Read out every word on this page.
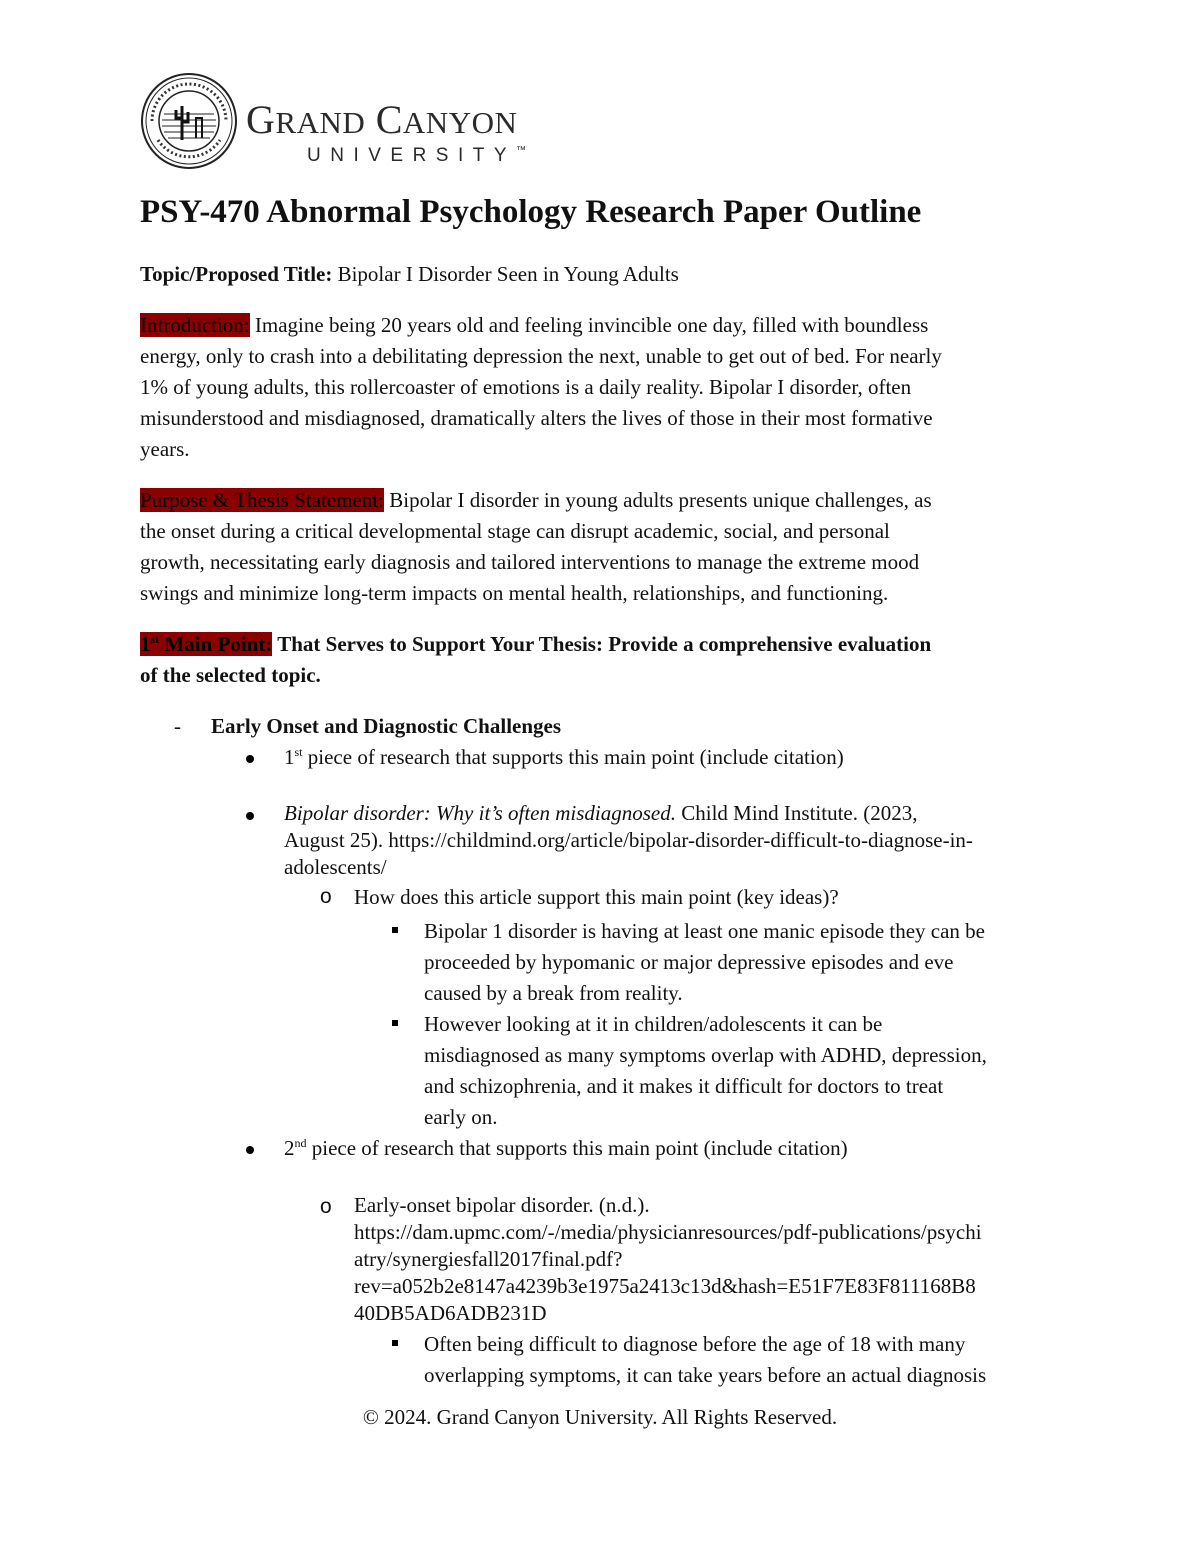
GRAND CANYON
UNIVERSITY™
PSY-470 Abnormal Psychology Research Paper Outline
Topic/Proposed Title: Bipolar I Disorder Seen in Young Adults
Introduction: Imagine being 20 years old and feeling invincible one day, filled with boundless
energy, only to crash into a debilitating depression the next, unable to get out of bed. For nearly
1% of young adults, this rollercoaster of emotions is a daily reality. Bipolar I disorder, often
misunderstood and misdiagnosed, dramatically alters the lives of those in their most formative
years.
Purpose & Thesis Statement: Bipolar I disorder in young adults presents unique challenges, as
the onset during a critical developmental stage can disrupt academic, social, and personal
growth, necessitating early diagnosis and tailored interventions to manage the extreme mood
swings and minimize long-term impacts on mental health, relationships, and functioning.
1st Main Point: That Serves to Support Your Thesis: Provide a comprehensive evaluation
of the selected topic.
- Early Onset and Diagnostic Challenges
1st piece of research that supports this main point (include citation)
Bipolar disorder: Why it’s often misdiagnosed. Child Mind Institute. (2023,
August 25). https://childmind.org/article/bipolar-disorder-difficult-to-diagnose-in-
adolescents/
o How does this article support this main point (key ideas)?
Bipolar 1 disorder is having at least one manic episode they can be
proceeded by hypomanic or major depressive episodes and eve
caused by a break from reality.
However looking at it in children/adolescents it can be
misdiagnosed as many symptoms overlap with ADHD, depression,
and schizophrenia, and it makes it difficult for doctors to treat
early on.
2nd piece of research that supports this main point (include citation)
o Early-onset bipolar disorder. (n.d.).
https://dam.upmc.com/-/media/physicianresources/pdf-publications/psychi
atry/synergiesfall2017final.pdf?
rev=a052b2e8147a4239b3e1975a2413c13d&hash=E51F7E83F811168B8
40DB5AD6ADB231D
Often being difficult to diagnose before the age of 18 with many
overlapping symptoms, it can take years before an actual diagnosis
© 2024. Grand Canyon University. All Rights Reserved.
